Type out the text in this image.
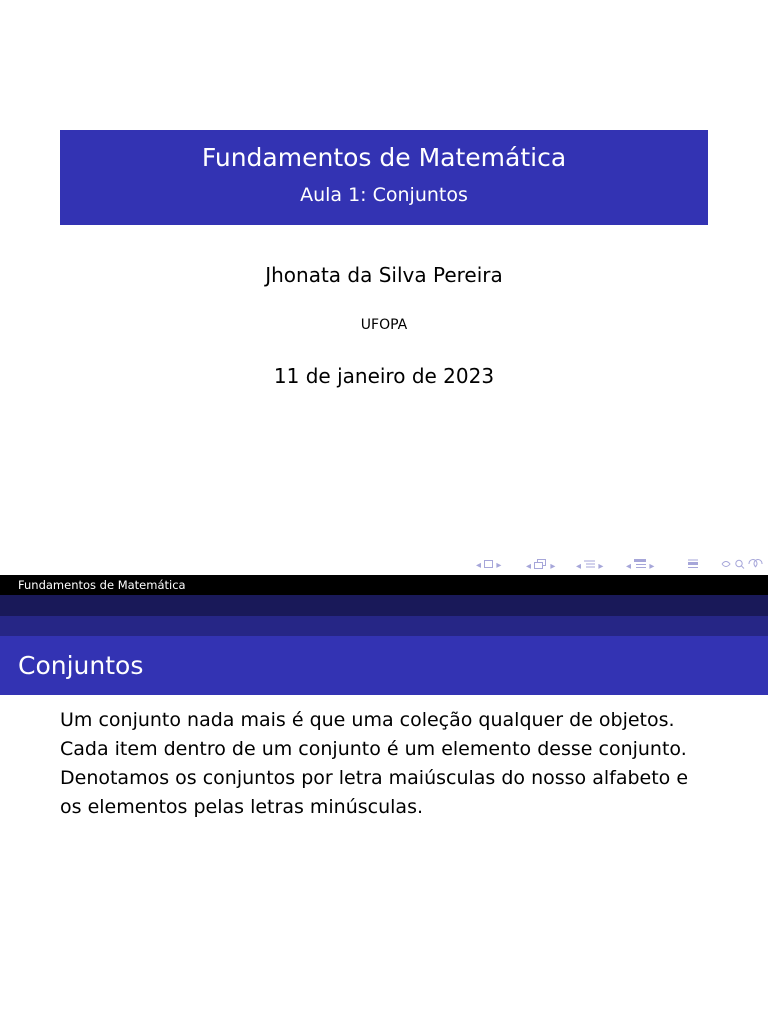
Fundamentos de Matemática
Aula 1: Conjuntos
Jhonata da Silva Pereira
UFOPA
11 de janeiro de 2023
◂ ▸ ◂ ▸ ◂ ▸ ◂ ▸
Fundamentos de Matemática
Conjuntos
Um conjunto nada mais é que uma coleção qualquer de objetos.
Cada item dentro de um conjunto é um elemento desse conjunto.
Denotamos os conjuntos por letra maiúsculas do nosso alfabeto e
os elementos pelas letras minúsculas.
